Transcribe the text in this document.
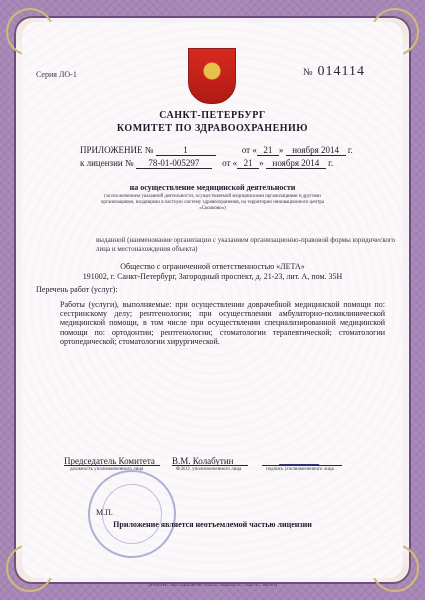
Серия ЛО-1	№ 014114
САНКТ-ПЕТЕРБУРГ
КОМИТЕТ ПО ЗДРАВООХРАНЕНИЮ
ПРИЛОЖЕНИЕ №	1	от « 21 » ноября 2014 г.
к лицензии № 78-01-005297	от « 21 » ноября 2014 г.
на осуществление медицинской деятельности
(за исключением указанной деятельности, осуществляемой медицинскими организациями и другими организациями, входящими в частную систему здравоохранения, на территории инновационного центра «Сколково»)
выданной (наименование организации с указанием организационно-правовой формы юридического лица и местонахождения объекта)
Общество с ограниченной ответственностью «ЛЕТА»
191002, г. Санкт-Петербург, Загородный проспект, д. 21-23, лит. А, пом. 35Н
Перечень работ (услуг):
Работы (услуги), выполняемые: при осуществлении доврачебной медицинской помощи по: сестринскому делу; рентгенологии; при осуществлении амбулаторно-поликлинической медицинской помощи, в том числе при осуществлении специализированной медицинской помощи по: ортодонтии; рентгенологии; стоматологии терапевтической; стоматологии ортопедической; стоматологии хирургической.
Председатель Комитета В.М. Колабутин
должность уполномоченного лица	Ф.И.О. уполномоченного лица	подпись уполномоченного лица
М.П.
Приложение является неотъемлемой частью лицензии
«ЛЭСКАРТ» Типография ФГУП «Гознак». Лицензия №... Заказ №... ПК-2014
